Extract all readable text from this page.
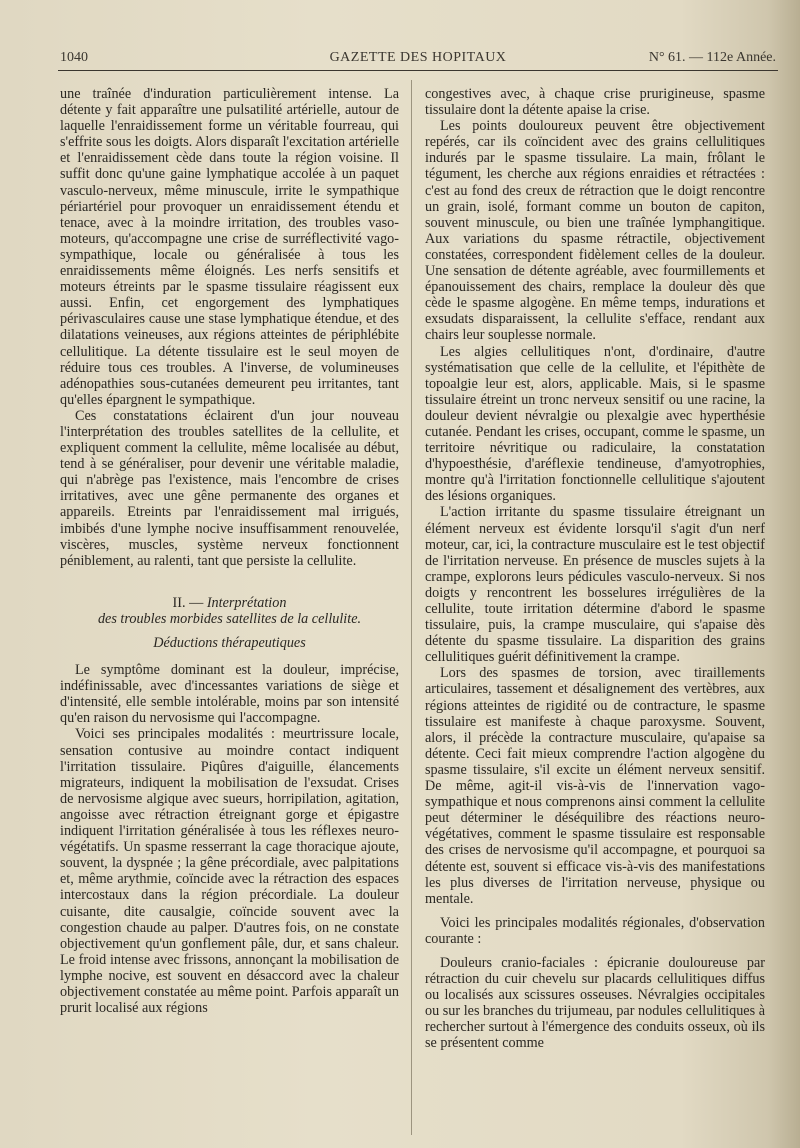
1040	GAZETTE DES HOPITAUX	N° 61. — 112e Année.

une traînée d'induration particulièrement intense. La détente y fait apparaître une pulsatilité artérielle, autour de laquelle l'enraidissement forme un véritable fourreau, qui s'effrite sous les doigts. Alors disparaît l'excitation artérielle et l'enraidissement cède dans toute la région voisine. Il suffit donc qu'une gaine lymphatique accolée à un paquet vasculo-nerveux, même minuscule, irrite le sympathique périartériel pour provoquer un enraidissement étendu et tenace, avec à la moindre irritation, des troubles vaso-moteurs, qu'accompagne une crise de surréflectivité vago-sympathique, locale ou généralisée à tous les enraidissements même éloignés. Les nerfs sensitifs et moteurs étreints par le spasme tissulaire réagissent eux aussi. Enfin, cet engorgement des lymphatiques périvasculaires cause une stase lymphatique étendue, et des dilatations veineuses, aux régions atteintes de périphlébite cellulitique. La détente tissulaire est le seul moyen de réduire tous ces troubles. A l'inverse, de volumineuses adénopathies sous-cutanées demeurent peu irritantes, tant qu'elles épargnent le sympathique.

Ces constatations éclairent d'un jour nouveau l'interprétation des troubles satellites de la cellulite, et expliquent comment la cellulite, même localisée au début, tend à se généraliser, pour devenir une véritable maladie, qui n'abrège pas l'existence, mais l'encombre de crises irritatives, avec une gêne permanente des organes et appareils. Etreints par l'enraidissement mal irrigués, imbibés d'une lymphe nocive insuffisamment renouvelée, viscères, muscles, système nerveux fonctionnent péniblement, au ralenti, tant que persiste la cellulite.

II. — Interprétation

des troubles morbides satellites de la cellulite.

Déductions thérapeutiques

Le symptôme dominant est la douleur, imprécise, indéfinissable, avec d'incessantes variations de siège et d'intensité, elle semble intolérable, moins par son intensité qu'en raison du nervosisme qui l'accompagne.

Voici ses principales modalités : meurtrissure locale, sensation contusive au moindre contact indiquent l'irritation tissulaire. Piqûres d'aiguille, élancements migrateurs, indiquent la mobilisation de l'exsudat. Crises de nervosisme algique avec sueurs, horripilation, agitation, angoisse avec rétraction étreignant gorge et épigastre indiquent l'irritation généralisée à tous les réflexes neuro-végétatifs. Un spasme resserrant la cage thoracique ajoute, souvent, la dyspnée ; la gêne précordiale, avec palpitations et, même arythmie, coïncide avec la rétraction des espaces intercostaux dans la région précordiale. La douleur cuisante, dite causalgie, coïncide souvent avec la congestion chaude au palper. D'autres fois, on ne constate objectivement qu'un gonflement pâle, dur, et sans chaleur. Le froid intense avec frissons, annonçant la mobilisation de lymphe nocive, est souvent en désaccord avec la chaleur objectivement constatée au même point. Parfois apparaît un prurit localisé aux régions

congestives avec, à chaque crise prurigineuse, spasme tissulaire dont la détente apaise la crise.

Les points douloureux peuvent être objectivement repérés, car ils coïncident avec des grains cellulitiques indurés par le spasme tissulaire. La main, frôlant le tégument, les cherche aux régions enraidies et rétractées : c'est au fond des creux de rétraction que le doigt rencontre un grain, isolé, formant comme un bouton de capiton, souvent minuscule, ou bien une traînée lymphangitique. Aux variations du spasme rétractile, objectivement constatées, correspondent fidèlement celles de la douleur. Une sensation de détente agréable, avec fourmillements et épanouissement des chairs, remplace la douleur dès que cède le spasme algogène. En même temps, indurations et exsudats disparaissent, la cellulite s'efface, rendant aux chairs leur souplesse normale.

Les algies cellulitiques n'ont, d'ordinaire, d'autre systématisation que celle de la cellulite, et l'épithète de topoalgie leur est, alors, applicable. Mais, si le spasme tissulaire étreint un tronc nerveux sensitif ou une racine, la douleur devient névralgie ou plexalgie avec hyperthésie cutanée. Pendant les crises, occupant, comme le spasme, un territoire névritique ou radiculaire, la constatation d'hypoesthésie, d'aréflexie tendineuse, d'amyotrophies, montre qu'à l'irritation fonctionnelle cellulitique s'ajoutent des lésions organiques.

L'action irritante du spasme tissulaire étreignant un élément nerveux est évidente lorsqu'il s'agit d'un nerf moteur, car, ici, la contracture musculaire est le test objectif de l'irritation nerveuse. En présence de muscles sujets à la crampe, explorons leurs pédicules vasculo-nerveux. Si nos doigts y rencontrent les bosselures irrégulières de la cellulite, toute irritation détermine d'abord le spasme tissulaire, puis, la crampe musculaire, qui s'apaise dès détente du spasme tissulaire. La disparition des grains cellulitiques guérit définitivement la crampe.

Lors des spasmes de torsion, avec tiraillements articulaires, tassement et désalignement des vertèbres, aux régions atteintes de rigidité ou de contracture, le spasme tissulaire est manifeste à chaque paroxysme. Souvent, alors, il précède la contracture musculaire, qu'apaise sa détente. Ceci fait mieux comprendre l'action algogène du spasme tissulaire, s'il excite un élément nerveux sensitif. De même, agit-il vis-à-vis de l'innervation vago-sympathique et nous comprenons ainsi comment la cellulite peut déterminer le déséquilibre des réactions neuro-végétatives, comment le spasme tissulaire est responsable des crises de nervosisme qu'il accompagne, et pourquoi sa détente est, souvent si efficace vis-à-vis des manifestations les plus diverses de l'irritation nerveuse, physique ou mentale.

Voici les principales modalités régionales, d'observation courante :

Douleurs cranio-faciales : épicranie douloureuse par rétraction du cuir chevelu sur placards cellulitiques diffus ou localisés aux scissures osseuses. Névralgies occipitales ou sur les branches du trijumeau, par nodules cellulitiques à rechercher surtout à l'émergence des conduits osseux, où ils se présentent comme
